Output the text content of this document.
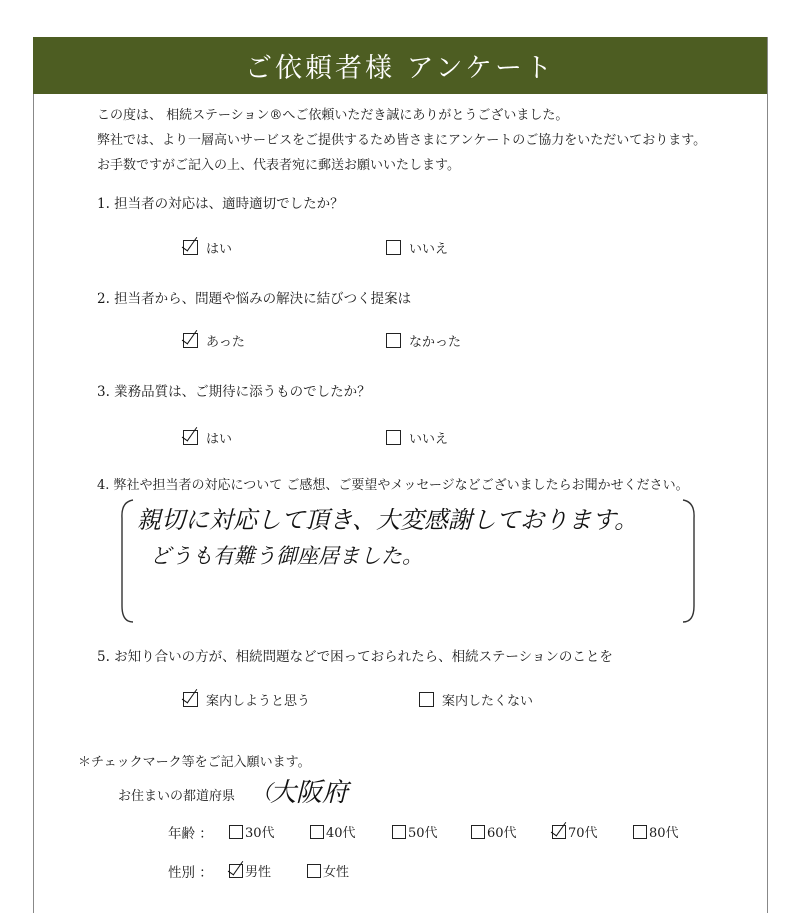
ご依頼者様 アンケート
この度は、 相続ステーション®へご依頼いただき誠にありがとうございました。
弊社では、より一層高いサービスをご提供するため皆さまにアンケートのご協力をいただいております。
お手数ですがご記入の上、代表者宛に郵送お願いいたします。
1. 担当者の対応は、適時適切でしたか？
はい	いいえ
2. 担当者から、問題や悩みの解決に結びつく提案は
あった	なかった
3. 業務品質は、ご期待に添うものでしたか？
はい	いいえ
4. 弊社や担当者の対応について ご感想、ご要望やメッセージなどございましたらお聞かせください。
親切に対応して頂き、大変感謝しております。
どうも有難う御座居ました。
5. お知り合いの方が、相続問題などで困っておられたら、相続ステーションのことを
案内しようと思う	案内したくない
＊チェックマーク等をご記入願います。
お住まいの都道府県 （
大阪府
年齢 ： 30代	40代	50代	60代	70代	80代
性別 ： 男性	女性
